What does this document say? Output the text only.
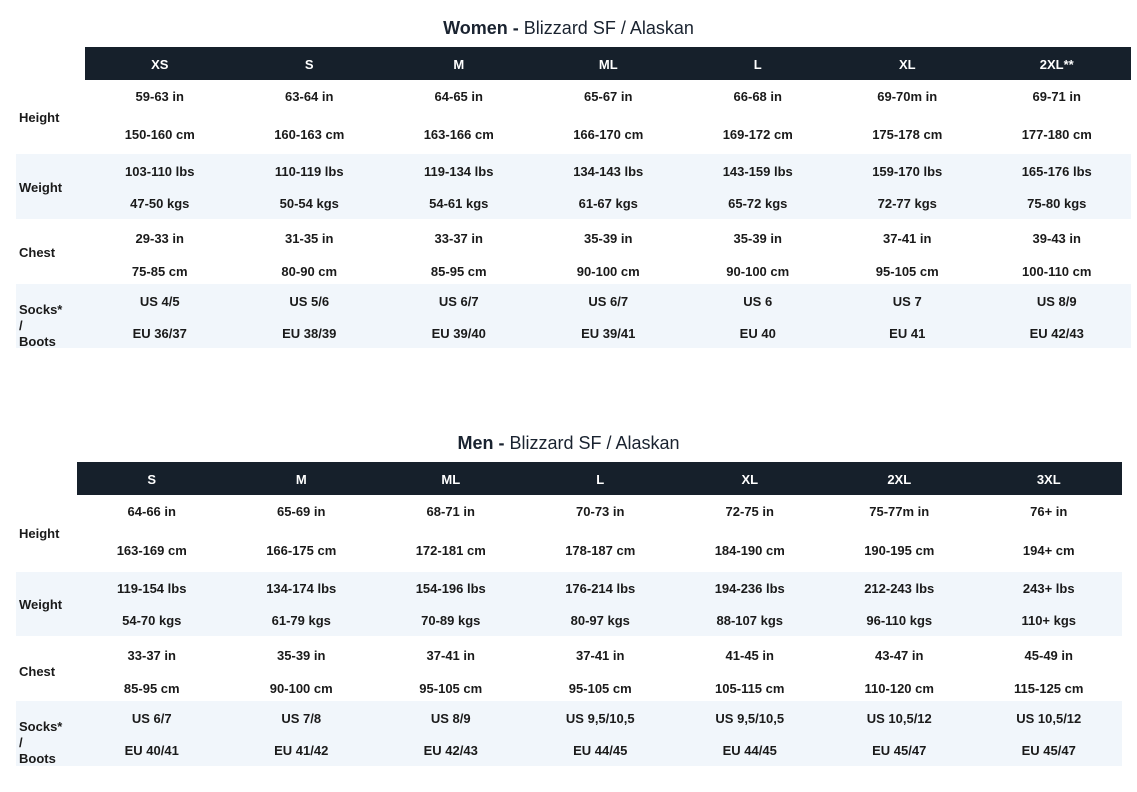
Women - Blizzard SF / Alaskan
XS	S	M	ML	L	XL	2XL**
Height
59-63 in	63-64 in	64-65 in	65-67 in	66-68 in	69-70m in	69-71 in
150-160 cm	160-163 cm	163-166 cm	166-170 cm	169-172 cm	175-178 cm	177-180 cm
Weight
103-110 lbs	110-119 lbs	119-134 lbs	134-143 lbs	143-159 lbs	159-170 lbs	165-176 lbs
47-50 kgs	50-54 kgs	54-61 kgs	61-67 kgs	65-72 kgs	72-77 kgs	75-80 kgs
Chest
29-33 in	31-35 in	33-37 in	35-39 in	35-39 in	37-41 in	39-43 in
75-85 cm	80-90 cm	85-95 cm	90-100 cm	90-100 cm	95-105 cm	100-110 cm
Socks*
/ Boots
US 4/5	US 5/6	US 6/7	US 6/7	US 6	US 7	US 8/9
EU 36/37	EU 38/39	EU 39/40	EU 39/41	EU 40	EU 41	EU 42/43
Men - Blizzard SF / Alaskan
S	M	ML	L	XL	2XL	3XL
Height
64-66 in	65-69 in	68-71 in	70-73 in	72-75 in	75-77m in	76+ in
163-169 cm	166-175 cm	172-181 cm	178-187 cm	184-190 cm	190-195 cm	194+ cm
Weight
119-154 lbs	134-174 lbs	154-196 lbs	176-214 lbs	194-236 lbs	212-243 lbs	243+ lbs
54-70 kgs	61-79 kgs	70-89 kgs	80-97 kgs	88-107 kgs	96-110 kgs	110+ kgs
Chest
33-37 in	35-39 in	37-41 in	37-41 in	41-45 in	43-47 in	45-49 in
85-95 cm	90-100 cm	95-105 cm	95-105 cm	105-115 cm	110-120 cm	115-125 cm
Socks*
/ Boots
US 6/7	US 7/8	US 8/9	US 9,5/10,5	US 9,5/10,5	US 10,5/12	US 10,5/12
EU 40/41	EU 41/42	EU 42/43	EU 44/45	EU 44/45	EU 45/47	EU 45/47
